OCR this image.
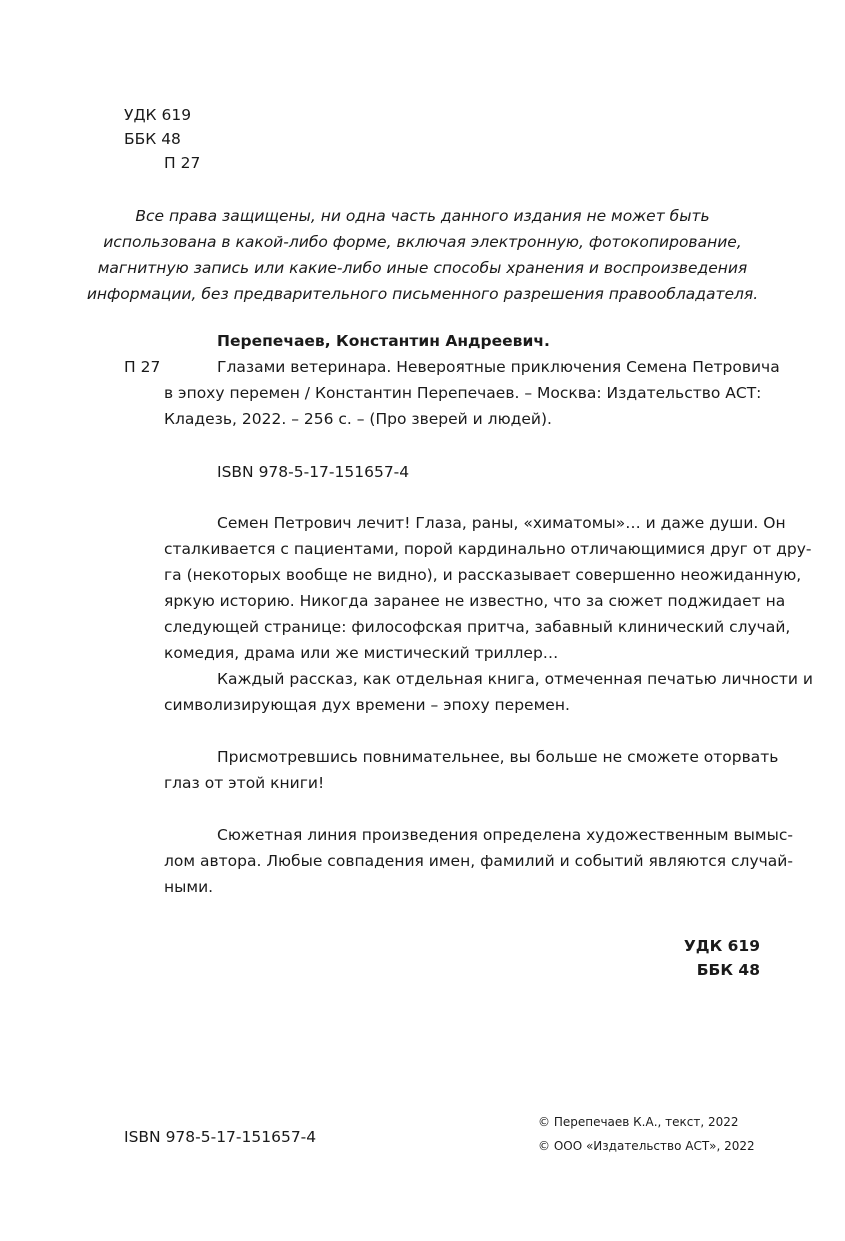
УДК 619
ББК 48
П 27
Все права защищены, ни одна часть данного издания не может быть
использована в какой-либо форме, включая электронную, фотокопирование,
магнитную запись или какие-либо иные способы хранения и воспроизведения
информации, без предварительного письменного разрешения правообладателя.
Перепечаев, Константин Андреевич.
П 27	Глазами ветеринара. Невероятные приключения Семена Петровича
в эпоху перемен / Константин Перепечаев. – Москва: Издательство АСТ:
Кладезь, 2022. – 256 с. – (Про зверей и людей).
ISBN 978-5-17-151657-4
Семен Петрович лечит! Глаза, раны, «химатомы»… и даже души. Он
сталкивается с пациентами, порой кардинально отличающимися друг от дру-
га (некоторых вообще не видно), и рассказывает совершенно неожиданную,
яркую историю. Никогда заранее не известно, что за сюжет поджидает на
следующей странице: философская притча, забавный клинический случай,
комедия, драма или же мистический триллер…
Каждый рассказ, как отдельная книга, отмеченная печатью личности и
символизирующая дух времени – эпоху перемен.
Присмотревшись повнимательнее, вы больше не сможете оторвать
глаз от этой книги!
Сюжетная линия произведения определена художественным вымыс-
лом автора. Любые совпадения имен, фамилий и событий являются случай-
ными.
УДК 619
ББК 48
ISBN 978-5-17-151657-4
© Перепечаев К.А., текст, 2022
© ООО «Издательство АСТ», 2022
